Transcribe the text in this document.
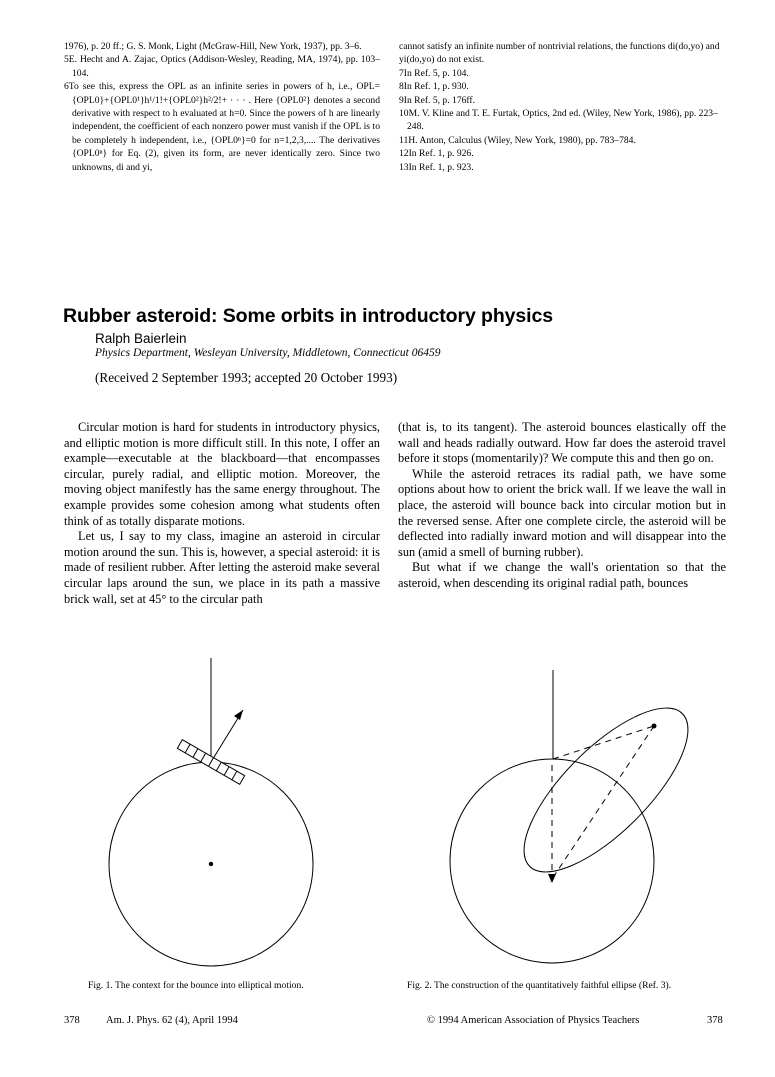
1976), p. 20 ff.; G. S. Monk, Light (McGraw-Hill, New York, 1937), pp. 3–6.

5E. Hecht and A. Zajac, Optics (Addison-Wesley, Reading, MA, 1974), pp. 103–104.

6To see this, express the OPL as an infinite series in powers of h, i.e., OPL={OPL0}+{OPL0¹}h¹/1!+{OPL0²}h²/2!+ · · · . Here {OPL0²} denotes a second derivative with respect to h evaluated at h=0. Since the powers of h are linearly independent, the coefficient of each nonzero power must vanish if the OPL is to be completely h independent, i.e., {OPL0ⁿ}=0 for n=1,2,3,.... The derivatives {OPL0ⁿ} for Eq. (2), given its form, are never identically zero. Since two unknowns, di and yi,

cannot satisfy an infinite number of nontrivial relations, the functions di(do,yo) and yi(do,yo) do not exist.

7In Ref. 5, p. 104.

8In Ref. 1, p. 930.

9In Ref. 5, p. 176ff.

10M. V. Kline and T. E. Furtak, Optics, 2nd ed. (Wiley, New York, 1986), pp. 223–248.

11H. Anton, Calculus (Wiley, New York, 1980), pp. 783–784.

12In Ref. 1, p. 926.

13In Ref. 1, p. 923.

Rubber asteroid: Some orbits in introductory physics
Ralph Baierlein
Physics Department, Wesleyan University, Middletown, Connecticut 06459
(Received 2 September 1993; accepted 20 October 1993)

Circular motion is hard for students in introductory physics, and elliptic motion is more difficult still. In this note, I offer an example—executable at the blackboard—that encompasses circular, purely radial, and elliptic motion. Moreover, the moving object manifestly has the same energy throughout. The example provides some cohesion among what students often think of as totally disparate motions.

Let us, I say to my class, imagine an asteroid in circular motion around the sun. This is, however, a special asteroid: it is made of resilient rubber. After letting the asteroid make several circular laps around the sun, we place in its path a massive brick wall, set at 45° to the circular path

(that is, to its tangent). The asteroid bounces elastically off the wall and heads radially outward. How far does the asteroid travel before it stops (momentarily)? We compute this and then go on.

While the asteroid retraces its radial path, we have some options about how to orient the brick wall. If we leave the wall in place, the asteroid will bounce back into circular motion but in the reversed sense. After one complete circle, the asteroid will be deflected into radially inward motion and will disappear into the sun (amid a smell of burning rubber).

But what if we change the wall's orientation so that the asteroid, when descending its original radial path, bounces

Fig. 1. The context for the bounce into elliptical motion.	Fig. 2. The construction of the quantitatively faithful ellipse (Ref. 3).
378	Am. J. Phys. 62 (4), April 1994	© 1994 American Association of Physics Teachers	378
